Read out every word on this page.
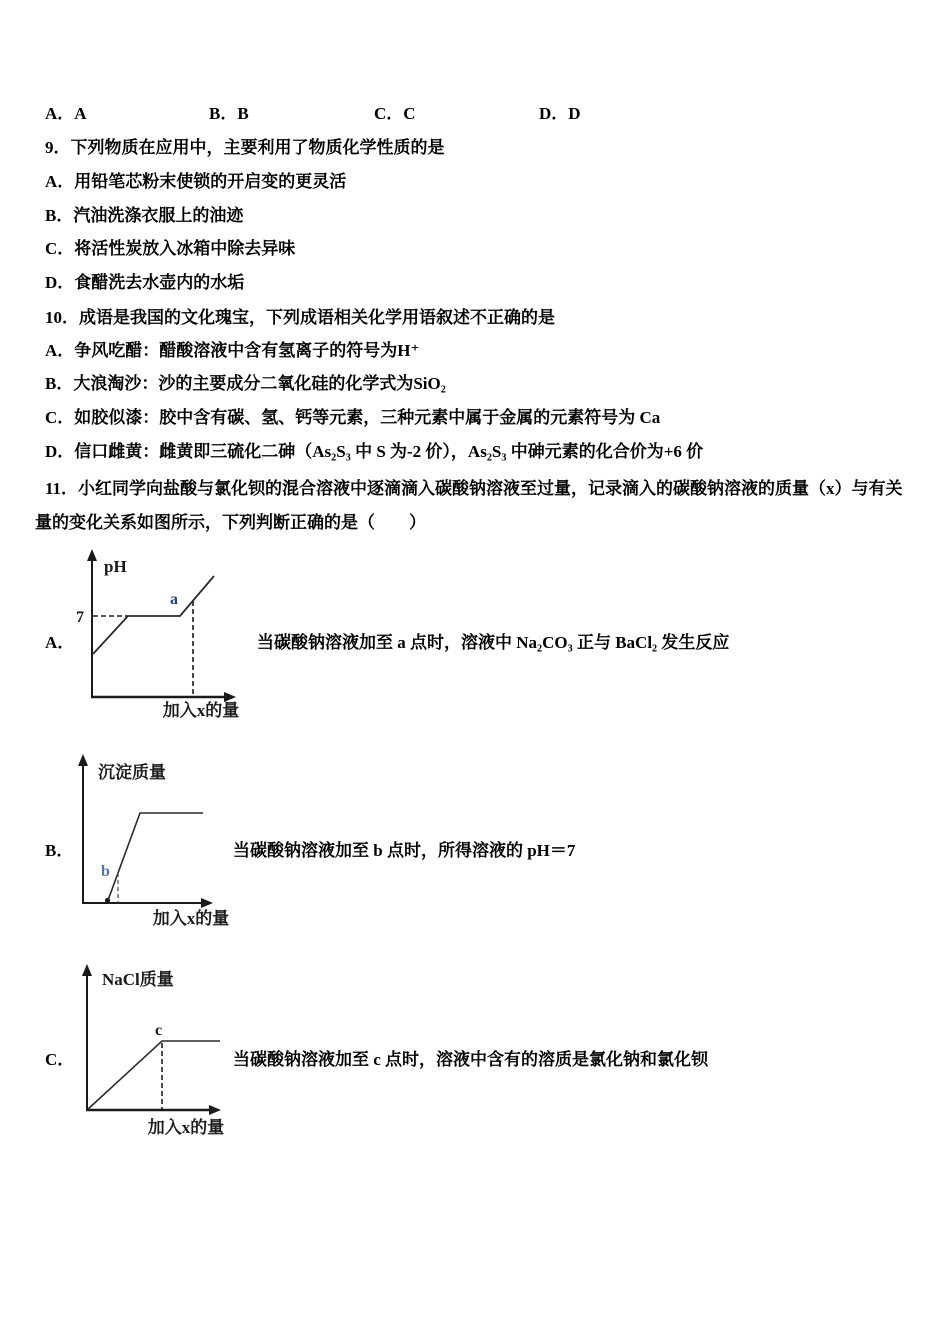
A．A	B．B	C．C	D．D
9．下列物质在应用中，主要利用了物质化学性质的是
A．用铅笔芯粉末使锁的开启变的更灵活
B．汽油洗涤衣服上的油迹
C．将活性炭放入冰箱中除去异味
D．食醋洗去水壶内的水垢
10．成语是我国的文化瑰宝，下列成语相关化学用语叙述不正确的是
A．争风吃醋：醋酸溶液中含有氢离子的符号为H⁺
B．大浪淘沙：沙的主要成分二氧化硅的化学式为SiO₂
C．如胶似漆：胶中含有碳、氢、钙等元素，三种元素中属于金属的元素符号为 Ca
D．信口雌黄：雌黄即三硫化二砷（As₂S₃ 中 S 为-2 价），As₂S₃ 中砷元素的化合价为+6 价
11．小红同学向盐酸与氯化钡的混合溶液中逐滴滴入碳酸钠溶液至过量，记录滴入的碳酸钠溶液的质量（x）与有关
量的变化关系如图所示，下列判断正确的是（　　）
pH
7
a
加入x的量
A．	当碳酸钠溶液加至 a 点时，溶液中 Na₂CO₃ 正与 BaCl₂ 发生反应
沉淀质量
b
加入x的量
B．	当碳酸钠溶液加至 b 点时，所得溶液的 pH＝7
NaCl质量
c
加入x的量
C．	当碳酸钠溶液加至 c 点时，溶液中含有的溶质是氯化钠和氯化钡
